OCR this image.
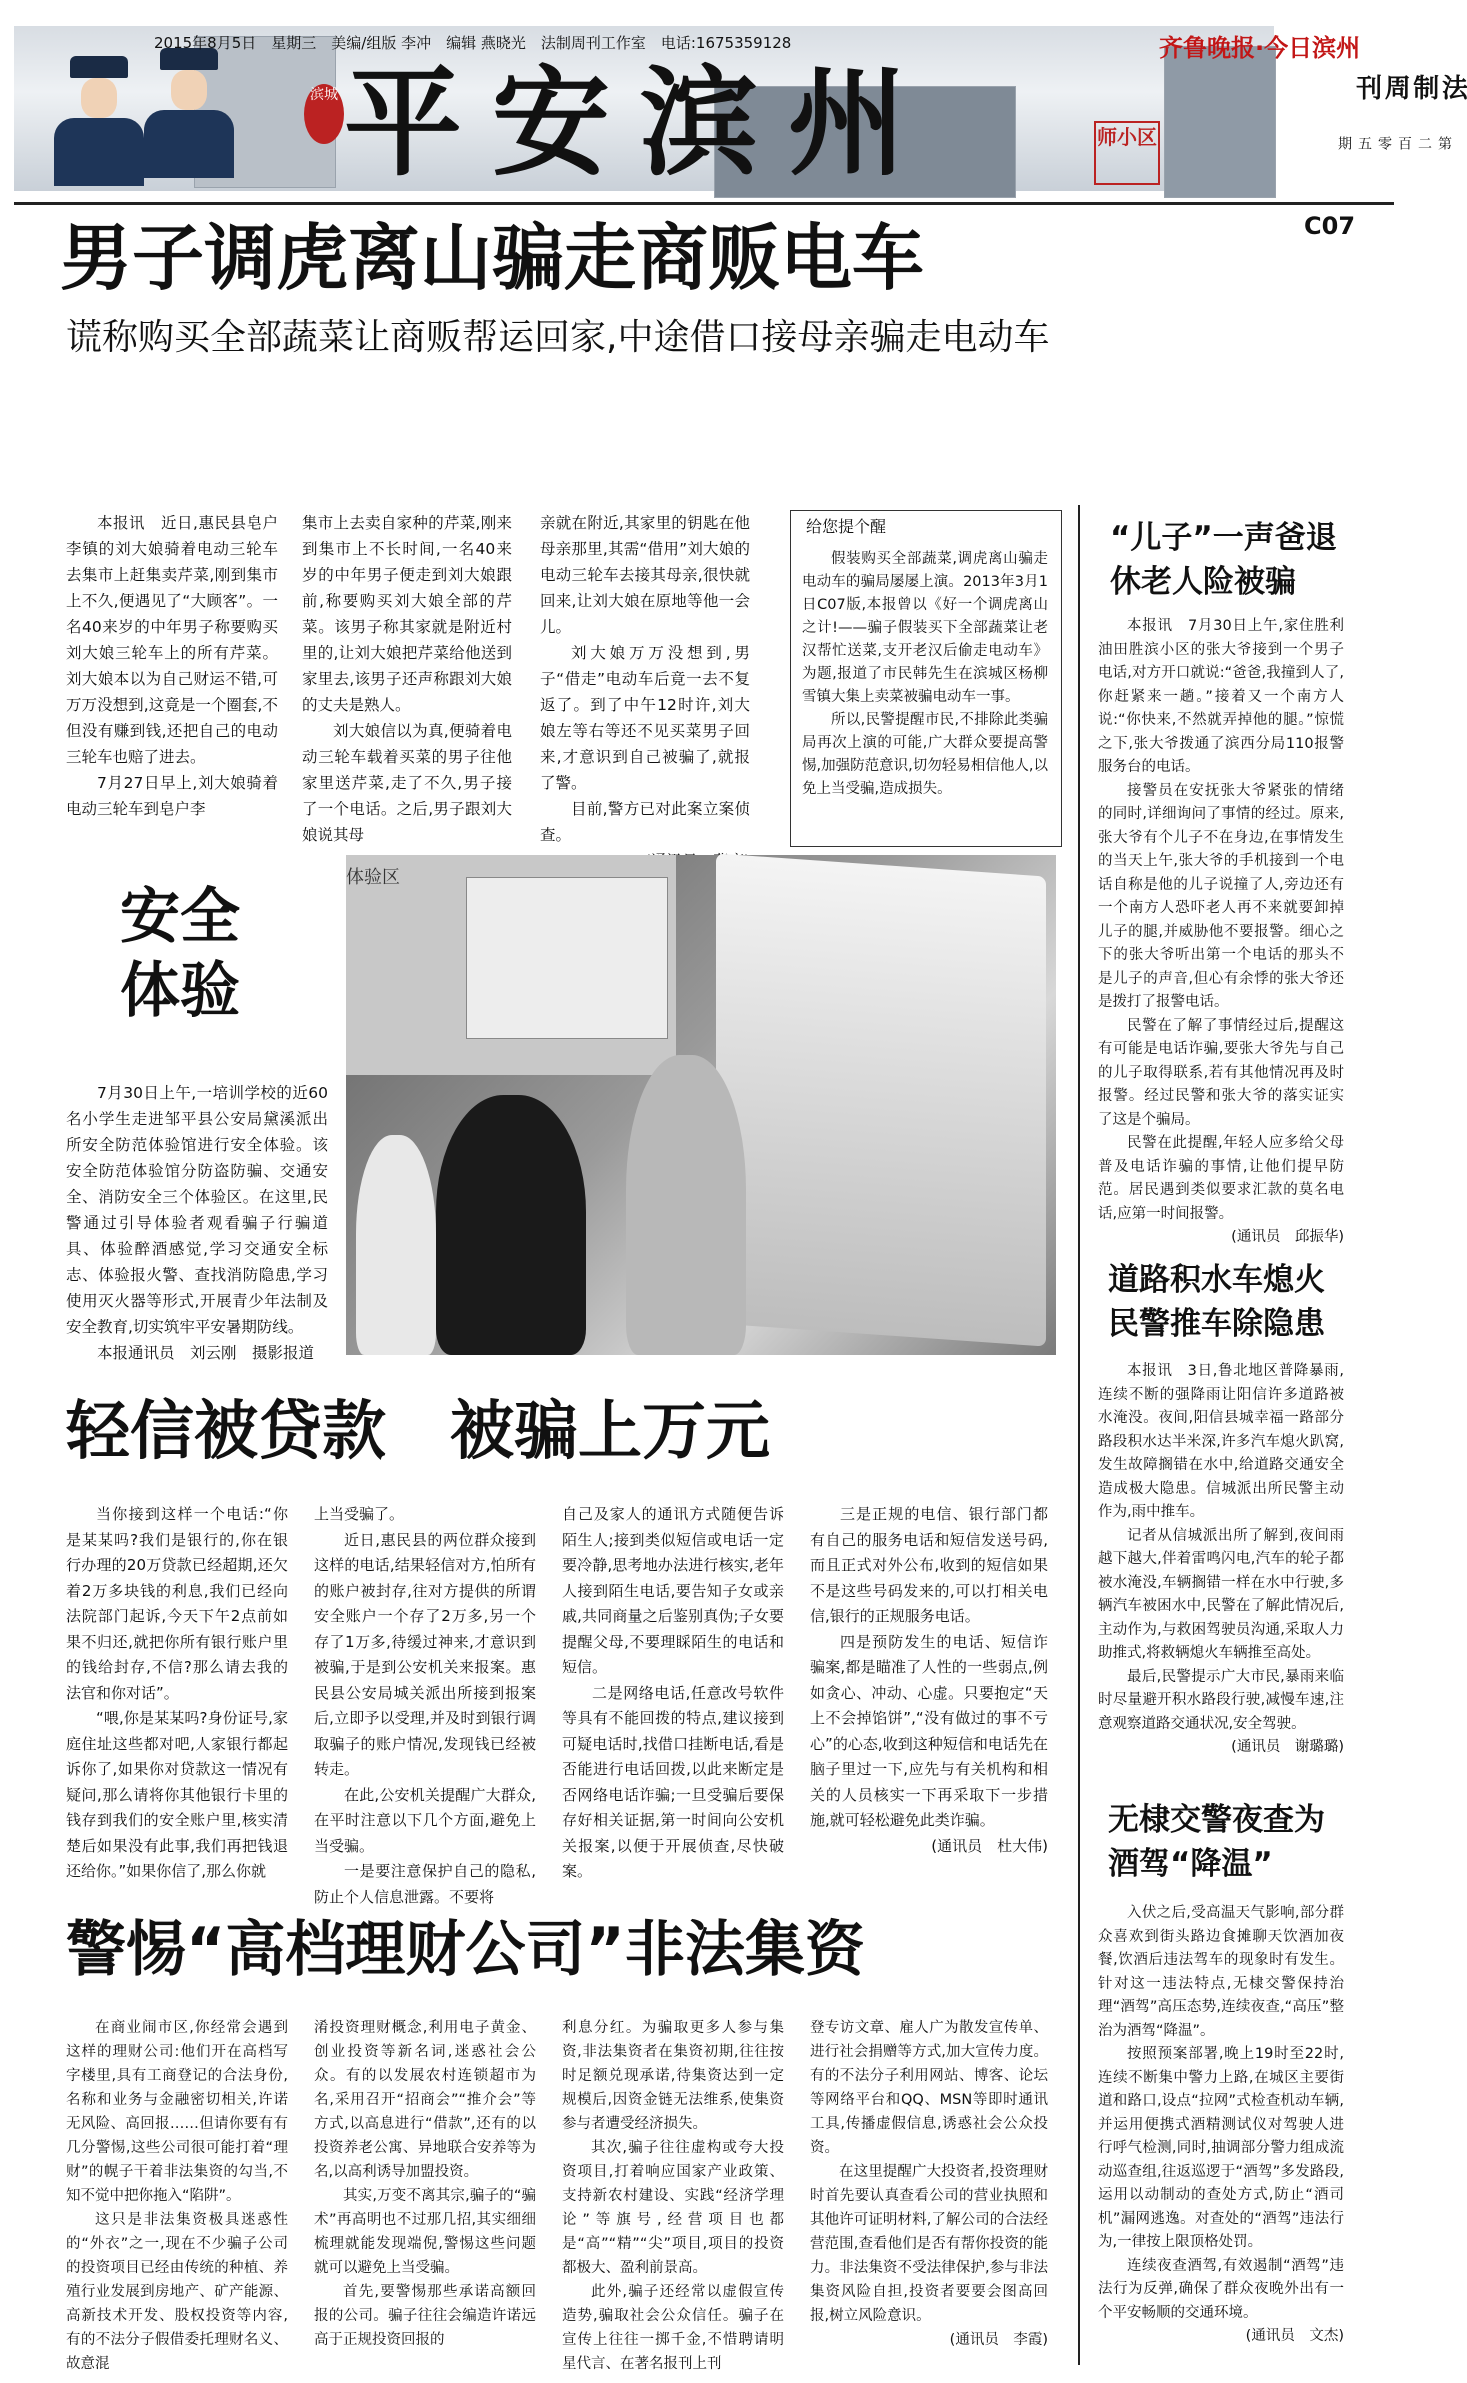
滨城 平安滨州	师小区
2015年8月5日　星期三　美编/组版 李冲　编辑 燕晓光　法制周刊工作室　电话:1675359128	齐鲁晚报·今日滨州
法制周刊
第二百零五期
C07
男子调虎离山骗走商贩电车
谎称购买全部蔬菜让商贩帮运回家,中途借口接母亲骗走电动车

本报讯　近日,惠民县皂户李镇的刘大娘骑着电动三轮车去集市上赶集卖芹菜,刚到集市上不久,便遇见了“大顾客”。一名40来岁的中年男子称要购买刘大娘三轮车上的所有芹菜。刘大娘本以为自己财运不错,可万万没想到,这竟是一个圈套,不但没有赚到钱,还把自己的电动三轮车也赔了进去。

7月27日早上,刘大娘骑着电动三轮车到皂户李

集市上去卖自家种的芹菜,刚来到集市上不长时间,一名40来岁的中年男子便走到刘大娘跟前,称要购买刘大娘全部的芹菜。该男子称其家就是附近村里的,让刘大娘把芹菜给他送到家里去,该男子还声称跟刘大娘的丈夫是熟人。

刘大娘信以为真,便骑着电动三轮车载着买菜的男子往他家里送芹菜,走了不久,男子接了一个电话。之后,男子跟刘大娘说其母

亲就在附近,其家里的钥匙在他母亲那里,其需“借用”刘大娘的电动三轮车去接其母亲,很快就回来,让刘大娘在原地等他一会儿。

刘大娘万万没想到,男子“借走”电动车后竟一去不复返了。到了中午12时许,刘大娘左等右等还不见买菜男子回来,才意识到自己被骗了,就报了警。

目前,警方已对此案立案侦查。

给您提个醒

假装购买全部蔬菜,调虎离山骗走电动车的骗局屡屡上演。2013年3月1日C07版,本报曾以《好一个调虎离山之计!——骗子假装买下全部蔬菜让老汉帮忙送菜,支开老汉后偷走电动车》为题,报道了市民韩先生在滨城区杨柳雪镇大集上卖菜被骗电动车一事。

所以,民警提醒市民,不排除此类骗局再次上演的可能,广大群众要提高警惕,加强防范意识,切勿轻易相信他人,以免上当受骗,造成损失。

安全体验

7月30日上午,一培训学校的近60名小学生走进邹平县公安局黛溪派出所安全防范体验馆进行安全体验。该安全防范体验馆分防盗防骗、交通安全、消防安全三个体验区。在这里,民警通过引导体验者观看骗子行骗道具、体验醉酒感觉,学习交通安全标志、体验报火警、查找消防隐患,学习使用灭火器等形式,开展青少年法制及安全教育,切实筑牢平安暑期防线。

本报通讯员　刘云刚　摄影报道

体验区
“儿子”一声爸退休老人险被骗

本报讯　7月30日上午,家住胜利油田胜滨小区的张大爷接到一个男子电话,对方开口就说:“爸爸,我撞到人了,你赶紧来一趟。”接着又一个南方人说:“你快来,不然就弄掉他的腿。”惊慌之下,张大爷拨通了滨西分局110报警服务台的电话。

接警员在安抚张大爷紧张的情绪的同时,详细询问了事情的经过。原来,张大爷有个儿子不在身边,在事情发生的当天上午,张大爷的手机接到一个电话自称是他的儿子说撞了人,旁边还有一个南方人恐吓老人再不来就要卸掉儿子的腿,并威胁他不要报警。细心之下的张大爷听出第一个电话的那头不是儿子的声音,但心有余悸的张大爷还是拨打了报警电话。

民警在了解了事情经过后,提醒这有可能是电话诈骗,要张大爷先与自己的儿子取得联系,若有其他情况再及时报警。经过民警和张大爷的落实证实了这是个骗局。

民警在此提醒,年轻人应多给父母普及电话诈骗的事情,让他们提早防范。居民遇到类似要求汇款的莫名电话,应第一时间报警。

(通讯员　邱振华)

道路积水车熄火民警推车除隐患

本报讯　3日,鲁北地区普降暴雨,连续不断的强降雨让阳信许多道路被水淹没。夜间,阳信县城幸福一路部分路段积水达半米深,许多汽车熄火趴窝,发生故障搁错在水中,给道路交通安全造成极大隐患。信城派出所民警主动作为,雨中推车。

记者从信城派出所了解到,夜间雨越下越大,伴着雷鸣闪电,汽车的轮子都被水淹没,车辆搁错一样在水中行驶,多辆汽车被困水中,民警在了解此情况后,主动作为,与救困驾驶员沟通,采取人力助推式,将救辆熄火车辆推至高处。

最后,民警提示广大市民,暴雨来临时尽量避开积水路段行驶,减慢车速,注意观察道路交通状况,安全驾驶。

(通讯员　谢璐璐)

无棣交警夜查为酒驾“降温”

入伏之后,受高温天气影响,部分群众喜欢到街头路边食摊聊天饮酒加夜餐,饮酒后违法驾车的现象时有发生。针对这一违法特点,无棣交警保持治理“酒驾”高压态势,连续夜查,“高压”整治为酒驾“降温”。

按照预案部署,晚上19时至22时,连续不断集中警力上路,在城区主要街道和路口,设点“拉网”式检查机动车辆,并运用便携式酒精测试仪对驾驶人进行呼气检测,同时,抽调部分警力组成流动巡查组,往返巡逻于“酒驾”多发路段,运用以动制动的查处方式,防止“酒司机”漏网逃逸。对查处的“酒驾”违法行为,一律按上限顶格处罚。

连续夜查酒驾,有效遏制“酒驾”违法行为反弹,确保了群众夜晚外出有一个平安畅顺的交通环境。

(通讯员　文杰)

轻信被贷款　被骗上万元

当你接到这样一个电话:“你是某某吗?我们是银行的,你在银行办理的20万贷款已经超期,还欠着2万多块钱的利息,我们已经向法院部门起诉,今天下午2点前如果不归还,就把你所有银行账户里的钱给封存,不信?那么请去我的法官和你对话”。

“喂,你是某某吗?身份证号,家庭住址这些都对吧,人家银行都起诉你了,如果你对贷款这一情况有疑问,那么请将你其他银行卡里的钱存到我们的安全账户里,核实清楚后如果没有此事,我们再把钱退还给你。”如果你信了,那么你就

上当受骗了。

近日,惠民县的两位群众接到这样的电话,结果轻信对方,怕所有的账户被封存,往对方提供的所谓安全账户一个存了2万多,另一个存了1万多,待缓过神来,才意识到被骗,于是到公安机关来报案。惠民县公安局城关派出所接到报案后,立即予以受理,并及时到银行调取骗子的账户情况,发现钱已经被转走。

在此,公安机关提醒广大群众,在平时注意以下几个方面,避免上当受骗。

一是要注意保护自己的隐私,防止个人信息泄露。不要将

自己及家人的通讯方式随便告诉陌生人;接到类似短信或电话一定要冷静,思考地办法进行核实,老年人接到陌生电话,要告知子女或亲戚,共同商量之后鉴别真伪;子女要提醒父母,不要理睬陌生的电话和短信。

二是网络电话,任意改号软件等具有不能回拨的特点,建议接到可疑电话时,找借口挂断电话,看是否能进行电话回拨,以此来断定是否网络电话诈骗;一旦受骗后要保存好相关证据,第一时间向公安机关报案,以便于开展侦查,尽快破案。

三是正规的电信、银行部门都有自己的服务电话和短信发送号码,而且正式对外公布,收到的短信如果不是这些号码发来的,可以打相关电信,银行的正规服务电话。

四是预防发生的电话、短信诈骗案,都是瞄准了人性的一些弱点,例如贪心、冲动、心虚。只要抱定“天上不会掉馅饼”,“没有做过的事不亏心”的心态,收到这种短信和电话先在脑子里过一下,应先与有关机构和相关的人员核实一下再采取下一步措施,就可轻松避免此类诈骗。

(通讯员　杜大伟)

警惕“高档理财公司”非法集资

在商业闹市区,你经常会遇到这样的理财公司:他们开在高档写字楼里,具有工商登记的合法身份,名称和业务与金融密切相关,许诺无风险、高回报……但请你要有有几分警惕,这些公司很可能打着“理财”的幌子干着非法集资的勾当,不知不觉中把你拖入“陷阱”。

这只是非法集资极具迷惑性的“外衣”之一,现在不少骗子公司的投资项目已经由传统的种植、养殖行业发展到房地产、矿产能源、高新技术开发、股权投资等内容,有的不法分子假借委托理财名义、故意混

淆投资理财概念,利用电子黄金、创业投资等新名词,迷惑社会公众。有的以发展农村连锁超市为名,采用召开“招商会”“推介会”等方式,以高息进行“借款”,还有的以投资养老公寓、异地联合安养等为名,以高利诱导加盟投资。

其实,万变不离其宗,骗子的“骗术”再高明也不过那几招,其实细细梳理就能发现端倪,警惕这些问题就可以避免上当受骗。

首先,要警惕那些承诺高额回报的公司。骗子往往会编造许诺远高于正规投资回报的

利息分红。为骗取更多人参与集资,非法集资者在集资初期,往往按时足额兑现承诺,待集资达到一定规模后,因资金链无法维系,使集资参与者遭受经济损失。

其次,骗子往往虚构或夸大投资项目,打着响应国家产业政策、支持新农村建设、实践“经济学理论”等旗号,经营项目也都是“高”“精”“尖”项目,项目的投资都极大、盈利前景高。

此外,骗子还经常以虚假宣传造势,骗取社会公众信任。骗子在宣传上往往一掷千金,不惜聘请明星代言、在著名报刊上刊

登专访文章、雇人广为散发宣传单、进行社会捐赠等方式,加大宣传力度。有的不法分子利用网站、博客、论坛等网络平台和QQ、MSN等即时通讯工具,传播虚假信息,诱惑社会公众投资。

在这里提醒广大投资者,投资理财时首先要认真查看公司的营业执照和其他许可证明材料,了解公司的合法经营范围,查看他们是否有帮你投资的能力。非法集资不受法律保护,参与非法集资风险自担,投资者要要会图高回报,树立风险意识。

(通讯员　李霞)
